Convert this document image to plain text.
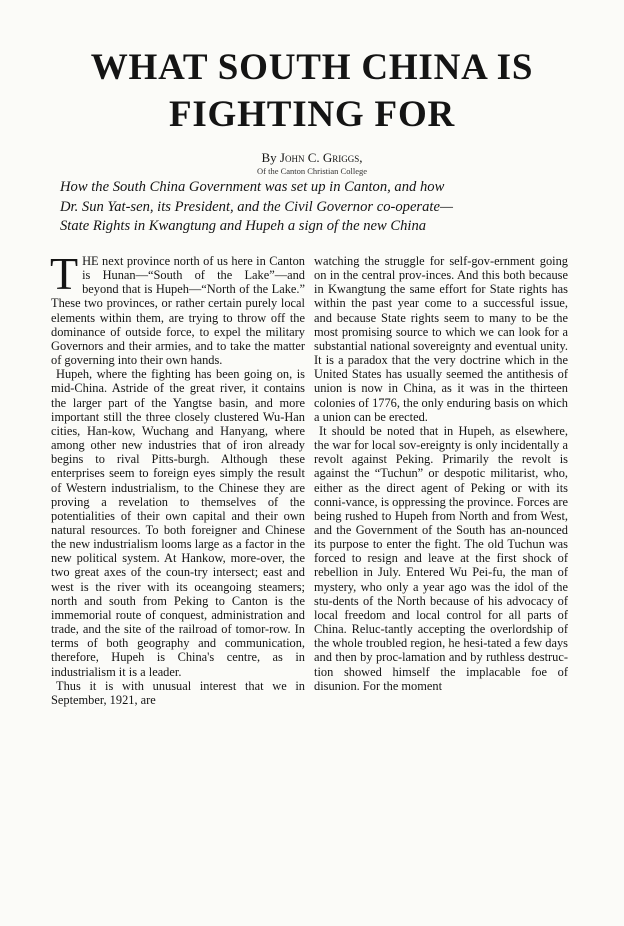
WHAT SOUTH CHINA IS
FIGHTING FOR
By John C. Griggs,
Of the Canton Christian College
How the South China Government was set up in Canton, and how
Dr. Sun Yat-sen, its President, and the Civil Governor co-operate—
State Rights in Kwangtung and Hupeh a sign of the new China
T HE next province north of us here in Canton is Hunan—“South of the Lake”—and beyond that is Hupeh—“North of the Lake.” These two provinces, or rather certain purely local elements within them, are trying to throw off the dominance of outside force, to expel the military Governors and their armies, and to take the matter of governing into their own hands.

Hupeh, where the fighting has been going on, is mid-China. Astride of the great river, it contains the larger part of the Yangtse basin, and more important still the three closely clustered Wu-Han cities, Han-kow, Wuchang and Hanyang, where among other new industries that of iron already begins to rival Pitts-burgh. Although these enterprises seem to foreign eyes simply the result of Western industrialism, to the Chinese they are proving a revelation to themselves of the potentialities of their own capital and their own natural resources. To both foreigner and Chinese the new industrialism looms large as a factor in the new political system. At Hankow, more-over, the two great axes of the coun-try intersect; east and west is the river with its oceangoing steamers; north and south from Peking to Canton is the immemorial route of conquest, administration and trade, and the site of the railroad of tomor-row. In terms of both geography and communication, therefore, Hupeh is China's centre, as in industrialism it is a leader.

Thus it is with unusual interest that we in September, 1921, are

watching the struggle for self-gov-ernment going on in the central prov-inces. And this both because in Kwangtung the same effort for State rights has within the past year come to a successful issue, and because State rights seem to many to be the most promising source to which we can look for a substantial national sovereignty and eventual unity. It is a paradox that the very doctrine which in the United States has usually seemed the antithesis of union is now in China, as it was in the thirteen colonies of 1776, the only enduring basis on which a union can be erected.

It should be noted that in Hupeh, as elsewhere, the war for local sov-ereignty is only incidentally a revolt against Peking. Primarily the revolt is against the “Tuchun” or despotic militarist, who, either as the direct agent of Peking or with its conni-vance, is oppressing the province. Forces are being rushed to Hupeh from North and from West, and the Government of the South has an-nounced its purpose to enter the fight. The old Tuchun was forced to resign and leave at the first shock of rebellion in July. Entered Wu Pei-fu, the man of mystery, who only a year ago was the idol of the stu-dents of the North because of his advocacy of local freedom and local control for all parts of China. Reluc-tantly accepting the overlordship of the whole troubled region, he hesi-tated a few days and then by proc-lamation and by ruthless destruc-tion showed himself the implacable foe of disunion. For the moment
